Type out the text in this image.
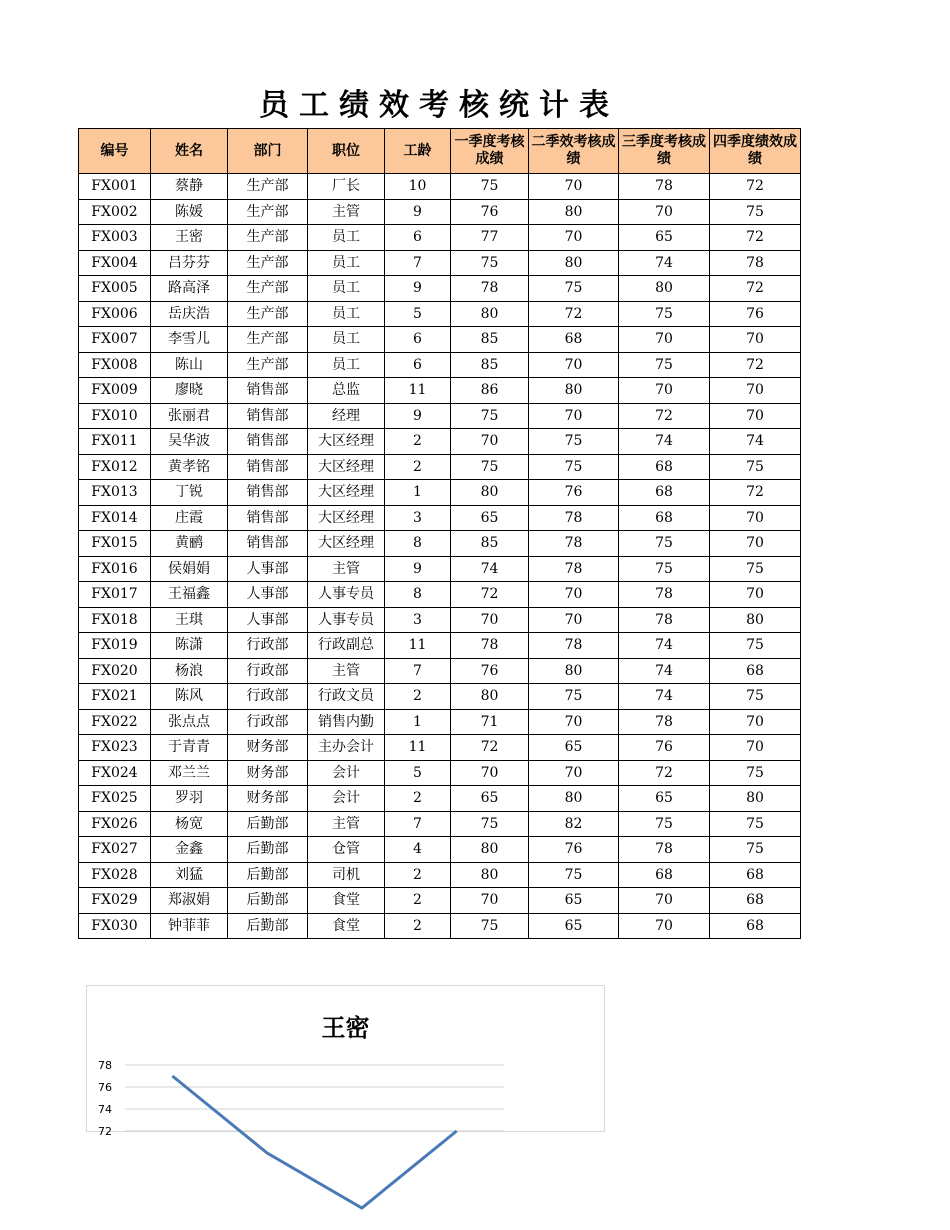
员工绩效考核统计表
编号	姓名	部门	职位	工龄	一季度考核成绩	二季效考核成绩	三季度考核成绩	四季度绩效成绩
FX001	蔡静	生产部	厂长	10	75	70	78	72
FX002	陈媛	生产部	主管	9	76	80	70	75
FX003	王密	生产部	员工	6	77	70	65	72
FX004	吕芬芬	生产部	员工	7	75	80	74	78
FX005	路高泽	生产部	员工	9	78	75	80	72
FX006	岳庆浩	生产部	员工	5	80	72	75	76
FX007	李雪儿	生产部	员工	6	85	68	70	70
FX008	陈山	生产部	员工	6	85	70	75	72
FX009	廖晓	销售部	总监	11	86	80	70	70
FX010	张丽君	销售部	经理	9	75	70	72	70
FX011	吴华波	销售部	大区经理	2	70	75	74	74
FX012	黄孝铭	销售部	大区经理	2	75	75	68	75
FX013	丁锐	销售部	大区经理	1	80	76	68	72
FX014	庄霞	销售部	大区经理	3	65	78	68	70
FX015	黄鹂	销售部	大区经理	8	85	78	75	70
FX016	侯娟娟	人事部	主管	9	74	78	75	75
FX017	王福鑫	人事部	人事专员	8	72	70	78	70
FX018	王琪	人事部	人事专员	3	70	70	78	80
FX019	陈潇	行政部	行政副总	11	78	78	74	75
FX020	杨浪	行政部	主管	7	76	80	74	68
FX021	陈风	行政部	行政文员	2	80	75	74	75
FX022	张点点	行政部	销售内勤	1	71	70	78	70
FX023	于青青	财务部	主办会计	11	72	65	76	70
FX024	邓兰兰	财务部	会计	5	70	70	72	75
FX025	罗羽	财务部	会计	2	65	80	65	80
FX026	杨宽	后勤部	主管	7	75	82	75	75
FX027	金鑫	后勤部	仓管	4	80	76	78	75
FX028	刘猛	后勤部	司机	2	80	75	68	68
FX029	郑淑娟	后勤部	食堂	2	70	65	70	68
FX030	钟菲菲	后勤部	食堂	2	75	65	70	68
王密
78
76
74
72
